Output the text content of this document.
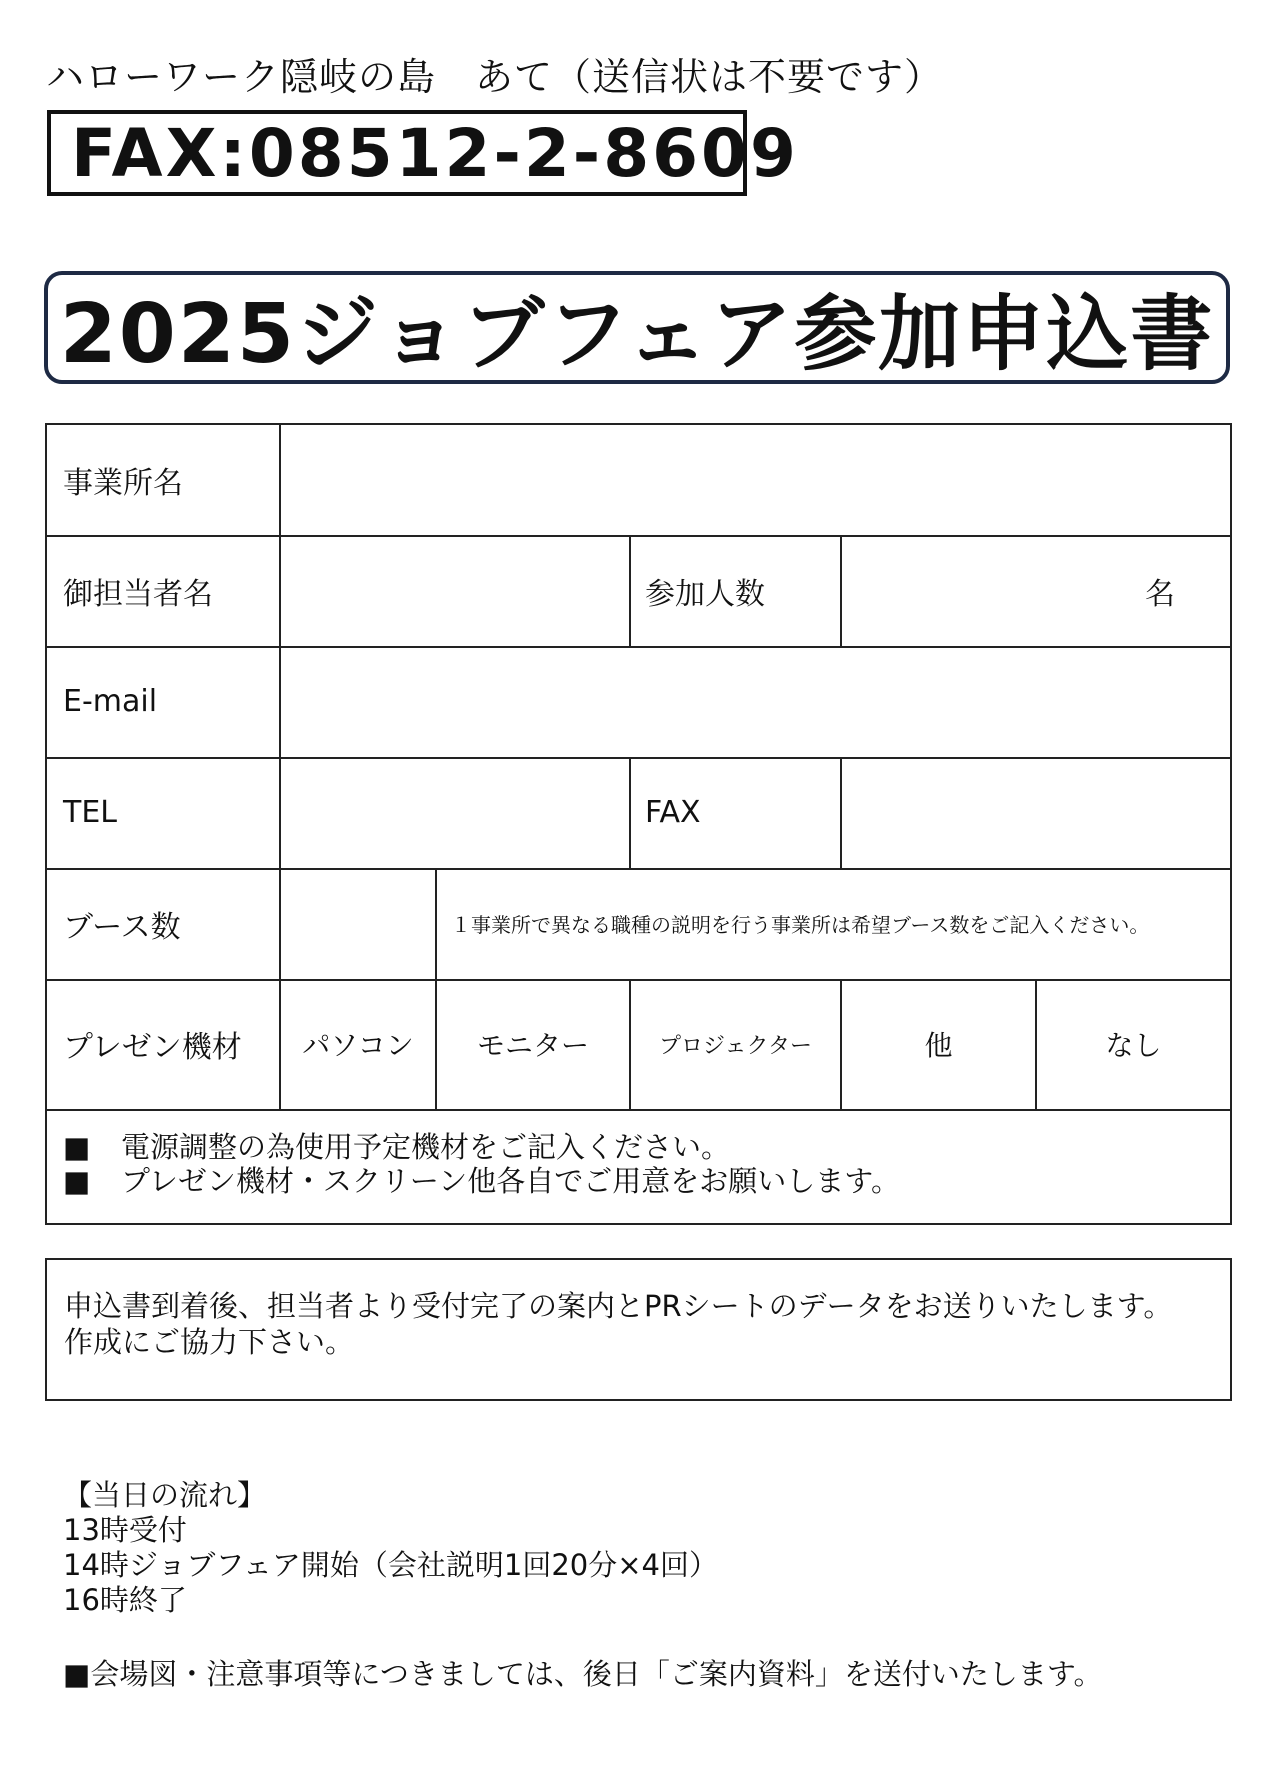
ハローワーク隠岐の島　あて（送信状は不要です）
FAX:08512-2-8609
2025ジョブフェア参加申込書
事業所名
御担当者名	参加人数	名
E-mail
TEL	FAX
ブース数	１事業所で異なる職種の説明を行う事業所は希望ブース数をご記入ください。
プレゼン機材	パソコン	モニター	プロジェクター	他	なし
■	電源調整の為使用予定機材をご記入ください。
■	プレゼン機材・スクリーン他各自でご用意をお願いします。
申込書到着後、担当者より受付完了の案内とPRシートのデータをお送りいたします。
作成にご協力下さい。
【当日の流れ】
13時受付
14時ジョブフェア開始（会社説明1回20分×4回）
16時終了
■会場図・注意事項等につきましては、後日「ご案内資料」を送付いたします。
